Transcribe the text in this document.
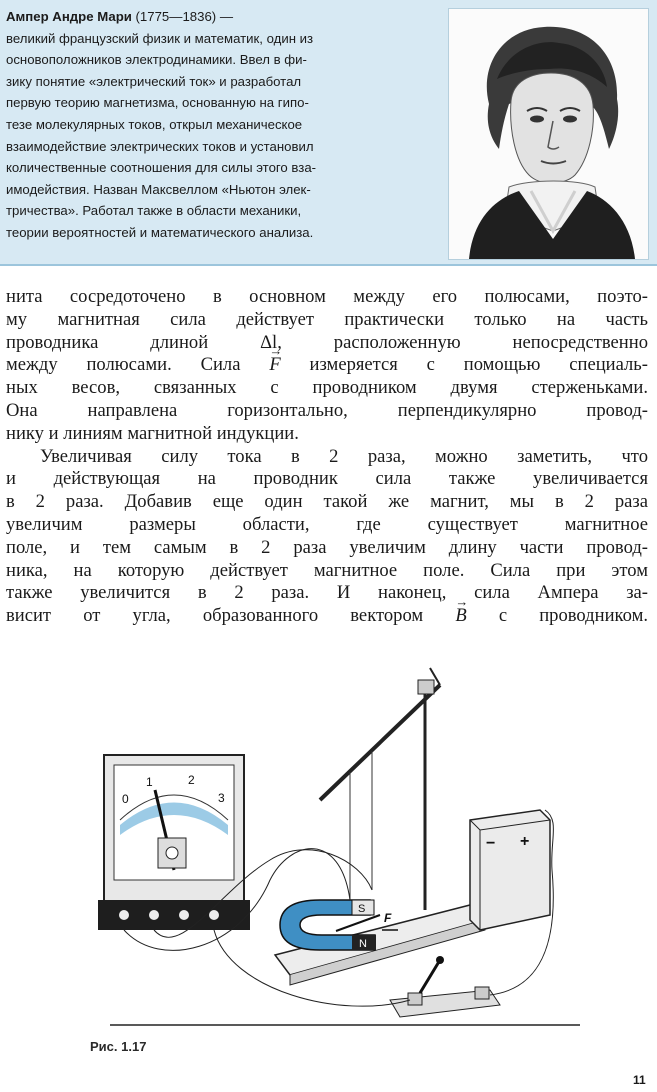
Ампер Андре Мари (1775—1836) —
великий французский физик и математик, один из
основоположников электродинамики. Ввел в фи-
зику понятие «электрический ток» и разработал
первую теорию магнетизма, основанную на гипо-
тезе молекулярных токов, открыл механическое
взаимодействие электрических токов и установил
количественные соотношения для силы этого вза-
имодействия. Назван Максвеллом «Ньютон элек-
тричества». Работал также в области механики,
теории вероятностей и математического анализа.
нита сосредоточено в основном между его полюсами, поэто-
му магнитная сила действует практически только на часть
проводника длиной Δl, расположенную непосредственно
между полюсами. Сила → F измеряется с помощью специаль-
ных весов, связанных с проводником двумя стерженьками.
Она направлена горизонтально, перпендикулярно провод-
нику и линиям магнитной индукции.
Увеличивая силу тока в 2 раза, можно заметить, что
и действующая на проводник сила также увеличивается
в 2 раза. Добавив еще один такой же магнит, мы в 2 раза
увеличим размеры области, где существует магнитное
поле, и тем самым в 2 раза увеличим длину части провод-
ника, на которую действует магнитное поле. Сила при этом
также увеличится в 2 раза. И наконец, сила Ампера за-
висит от угла, образованного вектором → B с проводником.
0
1	2
3
S
N
F
− +
Рис. 1.17
11
